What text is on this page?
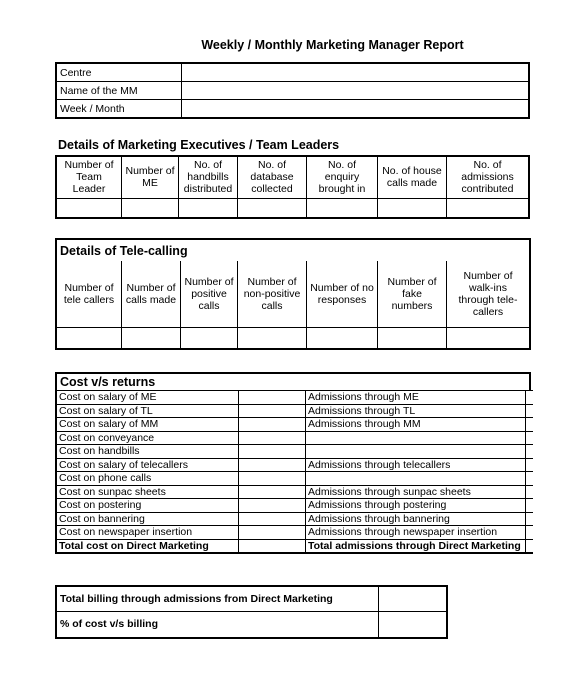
Weekly / Monthly Marketing Manager Report
Centre	
Name of the MM	
Week / Month	
Details of Marketing Executives / Team Leaders
Number of Team Leader	Number of ME	No. of handbills distributed	No. of database collected	No. of enquiry brought in	No. of house calls made	No. of admissions contributed

Details of Tele-calling						
Number of tele callers	Number of calls made	Number of positive calls	Number of non-positive calls	Number of no responses	Number of fake numbers	Number of walk-ins through tele-callers

Cost v/s returns
Cost on salary of ME		Admissions through ME	
Cost on salary of TL		Admissions through TL	
Cost on salary of MM		Admissions through MM	
Cost on conveyance			
Cost on handbills			
Cost on salary of telecallers		Admissions through telecallers	
Cost on phone calls			
Cost on sunpac sheets		Admissions through sunpac sheets	
Cost on postering		Admissions through postering	
Cost on bannering		Admissions through bannering	
Cost on newspaper insertion		Admissions through newspaper insertion	
Total cost on Direct Marketing		Total admissions through Direct Marketing	
Total billing through admissions from Direct Marketing	
% of cost v/s billing	
